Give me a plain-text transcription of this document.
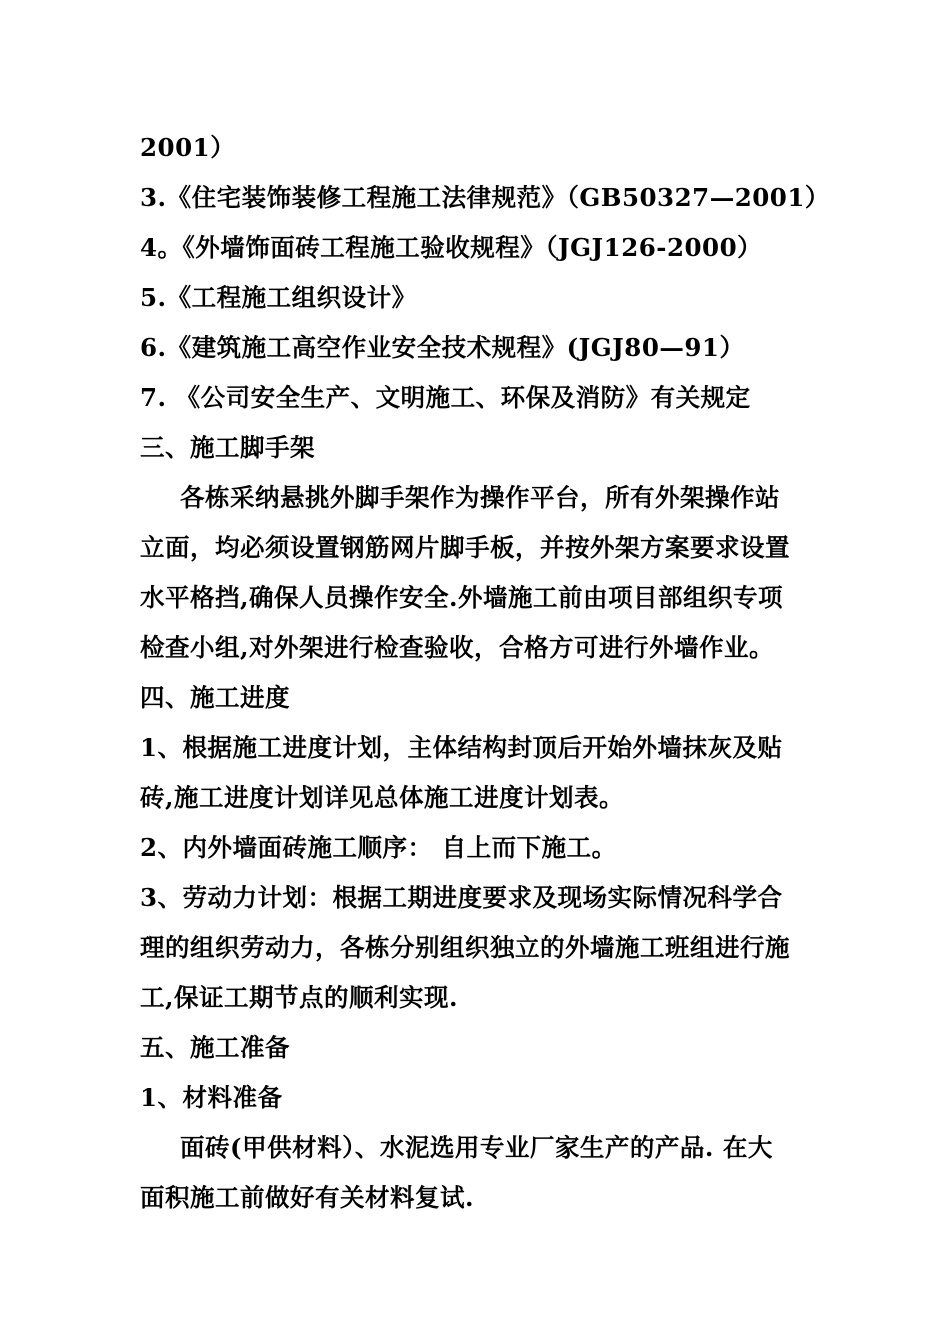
2001）
3.《住宅装饰装修工程施工法律规范》（GB50327—2001）
4。《外墙饰面砖工程施工验收规程》（JGJ126-2000）
5.《工程施工组织设计》
6.《建筑施工高空作业安全技术规程》(JGJ80—91）
7. 《公司安全生产、文明施工、环保及消防》有关规定
三、施工脚手架
各栋采纳悬挑外脚手架作为操作平台，所有外架操作站
立面，均必须设置钢筋网片脚手板，并按外架方案要求设置
水平格挡,确保人员操作安全.外墙施工前由项目部组织专项
检查小组,对外架进行检查验收，合格方可进行外墙作业。
四、施工进度
1、根据施工进度计划，主体结构封顶后开始外墙抹灰及贴
砖,施工进度计划详见总体施工进度计划表。
2、内外墙面砖施工顺序： 自上而下施工。
3、劳动力计划：根据工期进度要求及现场实际情况科学合
理的组织劳动力，各栋分别组织独立的外墙施工班组进行施
工,保证工期节点的顺利实现.
五、施工准备
1、材料准备
面砖(甲供材料）、水泥选用专业厂家生产的产品. 在大
面积施工前做好有关材料复试.
